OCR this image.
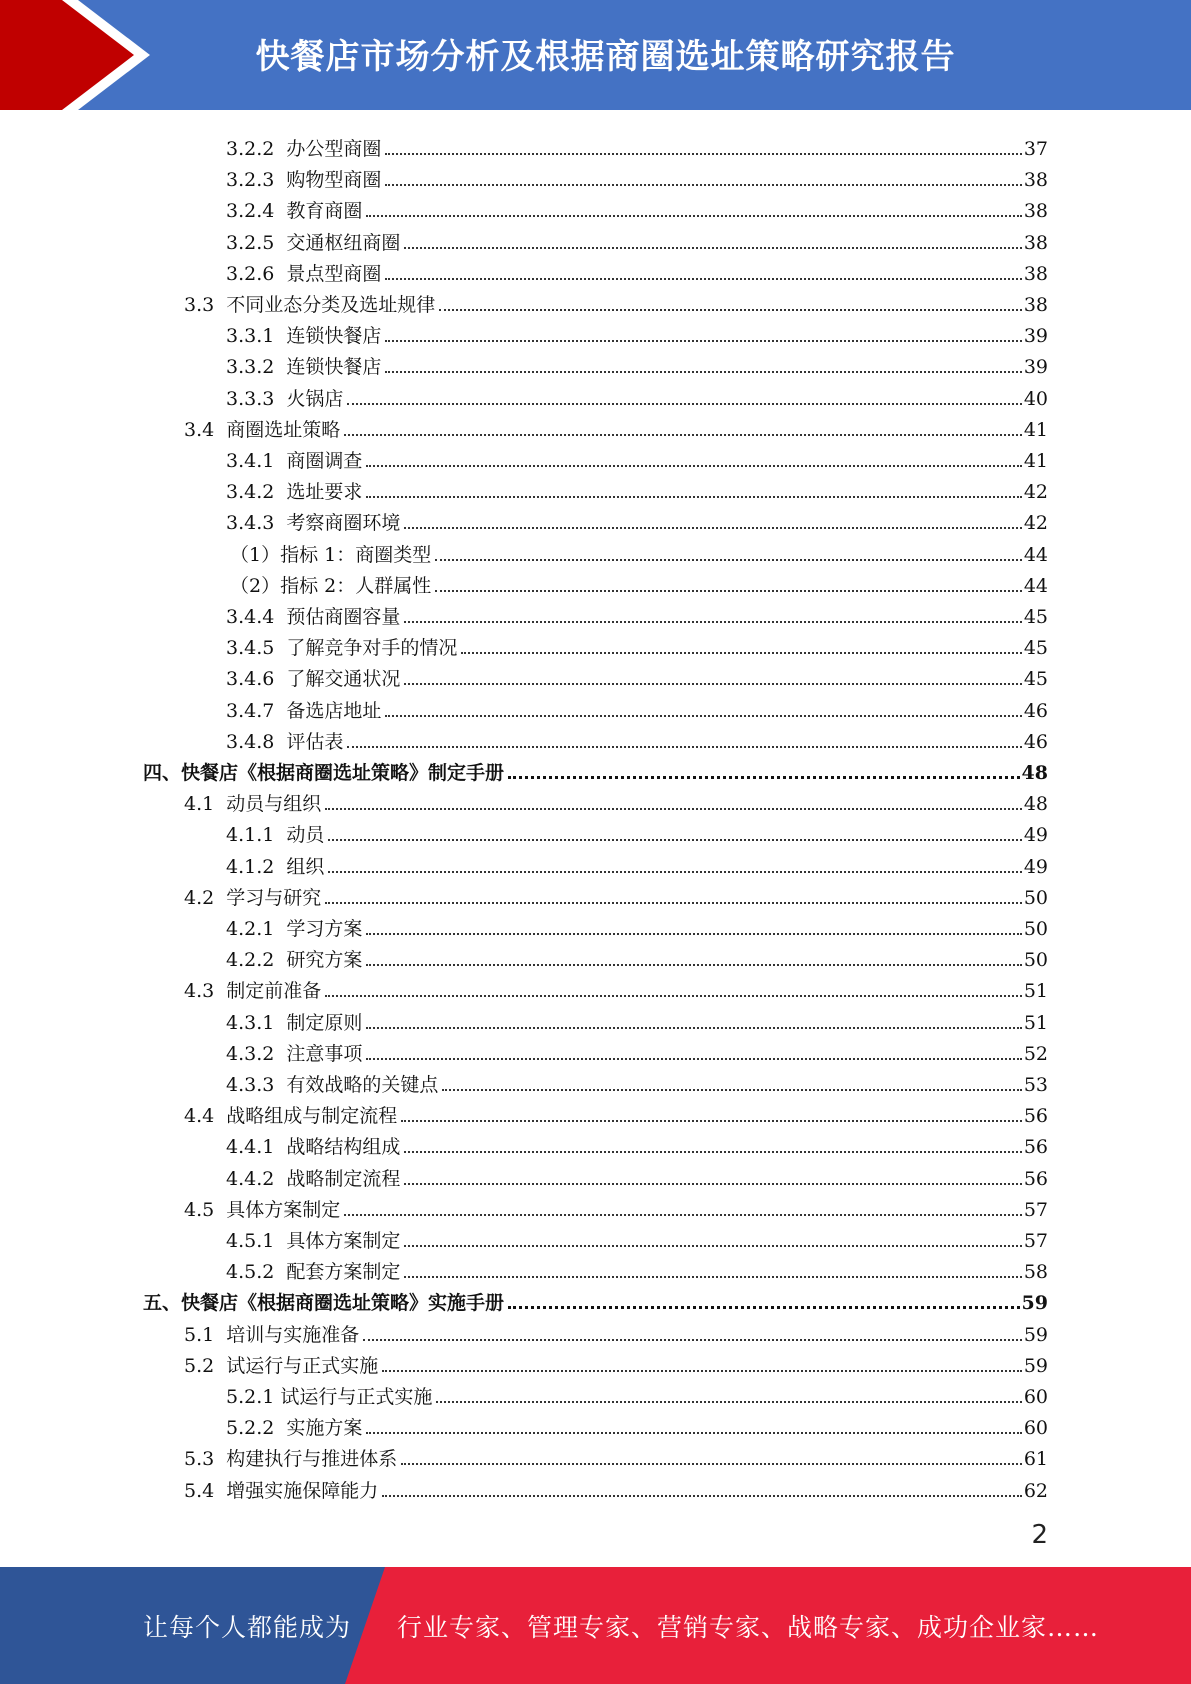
快餐店市场分析及根据商圈选址策略研究报告
3.2.2  办公型商圈	37
3.2.3  购物型商圈	38
3.2.4  教育商圈	38
3.2.5  交通枢纽商圈	38
3.2.6  景点型商圈	38
3.3  不同业态分类及选址规律	38
3.3.1  连锁快餐店	39
3.3.2  连锁快餐店	39
3.3.3  火锅店	40
3.4  商圈选址策略	41
3.4.1  商圈调查	41
3.4.2  选址要求	42
3.4.3  考察商圈环境	42
（1）指标 1：商圈类型	44
（2）指标 2：人群属性	44
3.4.4  预估商圈容量	45
3.4.5  了解竞争对手的情况	45
3.4.6  了解交通状况	45
3.4.7  备选店地址	46
3.4.8  评估表	46
四、快餐店《根据商圈选址策略》制定手册	48
4.1  动员与组织	48
4.1.1  动员	49
4.1.2  组织	49
4.2  学习与研究	50
4.2.1  学习方案	50
4.2.2  研究方案	50
4.3  制定前准备	51
4.3.1  制定原则	51
4.3.2  注意事项	52
4.3.3  有效战略的关键点	53
4.4  战略组成与制定流程	56
4.4.1  战略结构组成	56
4.4.2  战略制定流程	56
4.5  具体方案制定	57
4.5.1  具体方案制定	57
4.5.2  配套方案制定	58
五、快餐店《根据商圈选址策略》实施手册	59
5.1  培训与实施准备	59
5.2  试运行与正式实施	59
5.2.1 试运行与正式实施	60
5.2.2  实施方案	60
5.3  构建执行与推进体系	61
5.4  增强实施保障能力	62
2
让每个人都能成为 行业专家、管理专家、营销专家、战略专家、成功企业家……
